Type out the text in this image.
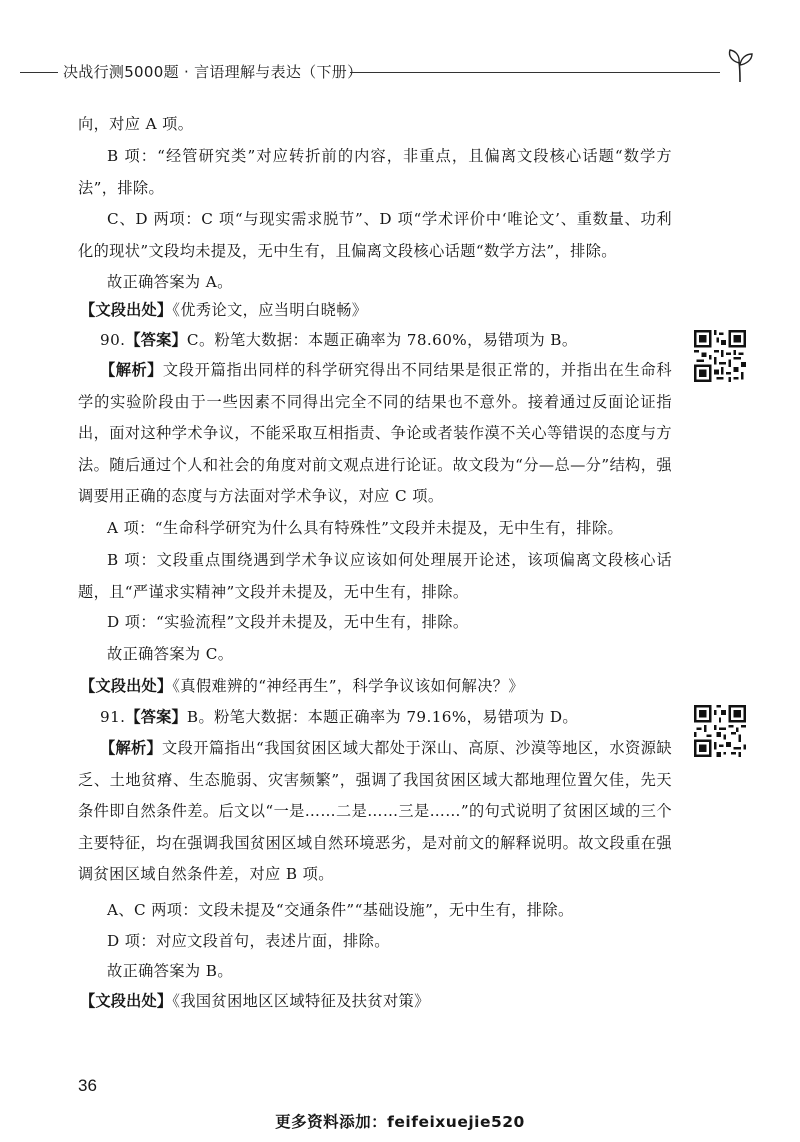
决战行测5000题 · 言语理解与表达（下册）

向，对应 A 项。

B 项：“经管研究类”对应转折前的内容，非重点，且偏离文段核心话题“数学方法”，排除。

C、D 两项：C 项“与现实需求脱节”、D 项“学术评价中‘唯论文’、重数量、功利化的现状”文段均未提及，无中生有，且偏离文段核心话题“数学方法”，排除。

故正确答案为 A。

【文段出处】《优秀论文，应当明白晓畅》

90.【答案】C。粉笔大数据：本题正确率为 78.60%，易错项为 B。

【解析】文段开篇指出同样的科学研究得出不同结果是很正常的，并指出在生命科学的实验阶段由于一些因素不同得出完全不同的结果也不意外。接着通过反面论证指出，面对这种学术争议，不能采取互相指责、争论或者装作漠不关心等错误的态度与方法。随后通过个人和社会的角度对前文观点进行论证。故文段为“分—总—分”结构，强调要用正确的态度与方法面对学术争议，对应 C 项。

A 项：“生命科学研究为什么具有特殊性”文段并未提及，无中生有，排除。

B 项：文段重点围绕遇到学术争议应该如何处理展开论述，该项偏离文段核心话题，且“严谨求实精神”文段并未提及，无中生有，排除。

D 项：“实验流程”文段并未提及，无中生有，排除。

故正确答案为 C。

【文段出处】《真假难辨的“神经再生”，科学争议该如何解决？》

91.【答案】B。粉笔大数据：本题正确率为 79.16%，易错项为 D。

【解析】文段开篇指出“我国贫困区域大都处于深山、高原、沙漠等地区，水资源缺乏、土地贫瘠、生态脆弱、灾害频繁”，强调了我国贫困区域大都地理位置欠佳，先天条件即自然条件差。后文以“一是……二是……三是……”的句式说明了贫困区域的三个主要特征，均在强调我国贫困区域自然环境恶劣，是对前文的解释说明。故文段重在强调贫困区域自然条件差，对应 B 项。

A、C 两项：文段未提及“交通条件”“基础设施”，无中生有，排除。

D 项：对应文段首句，表述片面，排除。

故正确答案为 B。

【文段出处】《我国贫困地区区域特征及扶贫对策》

36
更多资料添加：feifeixuejie520
